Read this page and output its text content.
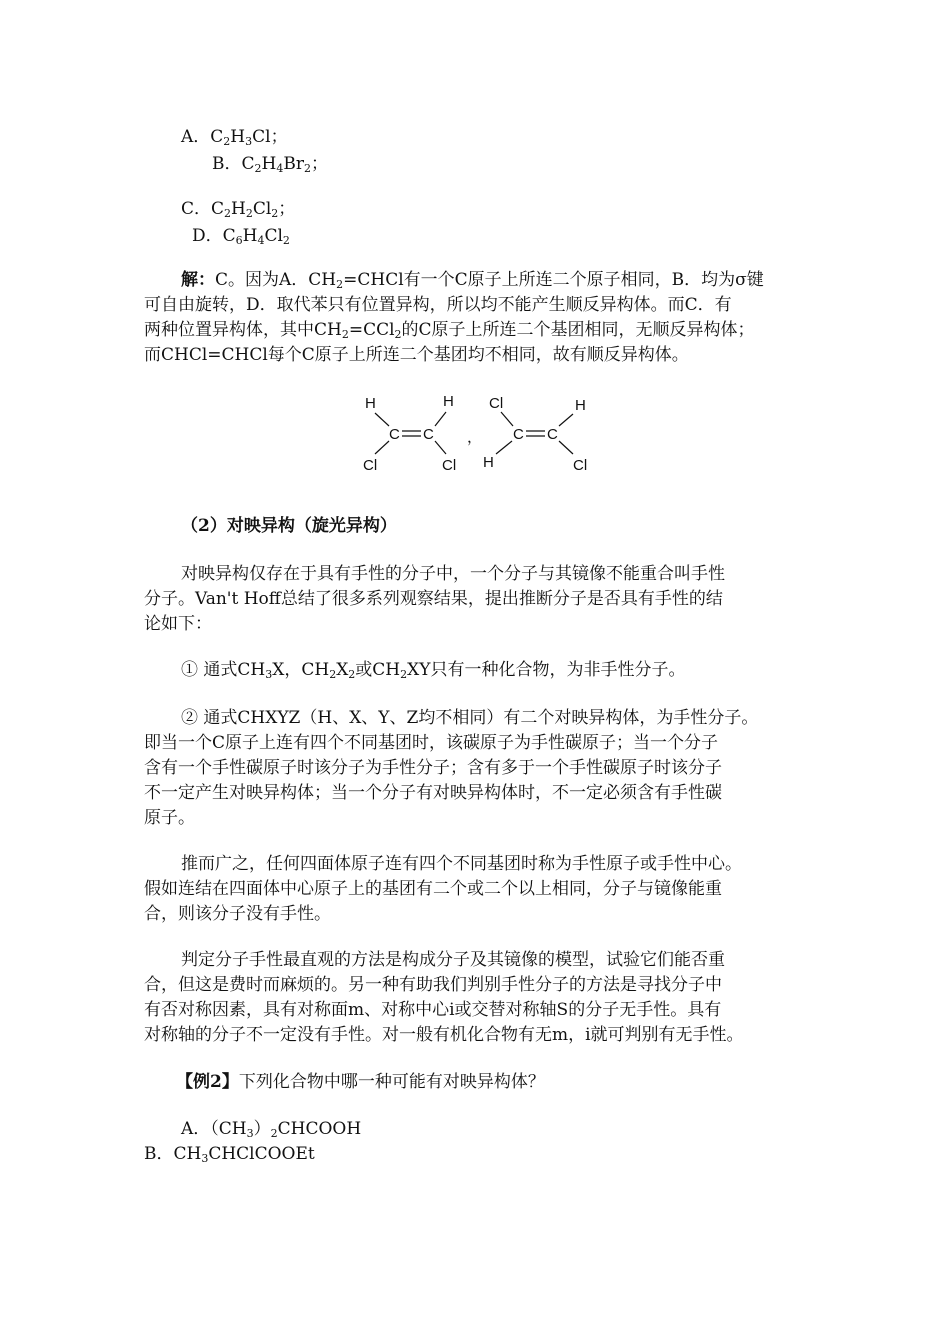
A．$C_2H_3Cl$；
B．$C_2H_4Br_2$；
C．$C_2H_2Cl_2$；
D．$C_6H_4Cl_2$
解：C。因为A．$CH_2=CHCl$有一个C原子上所连二个原子相同，B．均为σ键
可自由旋转，D．取代苯只有位置异构，所以均不能产生顺反异构体。而C．有
两种位置异构体，其中$CH_2=CCl_2$的C原子上所连二个基团相同，无顺反异构体；
而CHCl=CHCl每个C原子上所连二个基团均不相同，故有顺反异构体。
H	H
Cl	Cl
C C ，
Cl	H
H	Cl
C C
（2）对映异构（旋光异构）
对映异构仅存在于具有手性的分子中，一个分子与其镜像不能重合叫手性
分子。Van't Hoff总结了很多系列观察结果，提出推断分子是否具有手性的结
论如下：
① 通式$CH_3X$，$CH_2X_2$或$CH_2XY$只有一种化合物，为非手性分子。
② 通式CHXYZ（H、X、Y、Z均不相同）有二个对映异构体，为手性分子。
即当一个C原子上连有四个不同基团时，该碳原子为手性碳原子；当一个分子
含有一个手性碳原子时该分子为手性分子；含有多于一个手性碳原子时该分子
不一定产生对映异构体；当一个分子有对映异构体时，不一定必须含有手性碳
原子。
推而广之，任何四面体原子连有四个不同基团时称为手性原子或手性中心。
假如连结在四面体中心原子上的基团有二个或二个以上相同，分子与镜像能重
合，则该分子没有手性。
判定分子手性最直观的方法是构成分子及其镜像的模型，试验它们能否重
合，但这是费时而麻烦的。另一种有助我们判别手性分子的方法是寻找分子中
有否对称因素，具有对称面m、对称中心i或交替对称轴S的分子无手性。具有
对称轴的分子不一定没有手性。对一般有机化合物有无m，i就可判别有无手性。
【例2】下列化合物中哪一种可能有对映异构体？
A．$(CH_3)_2CHCOOH$
B．$CH_3CHClCOOEt$
